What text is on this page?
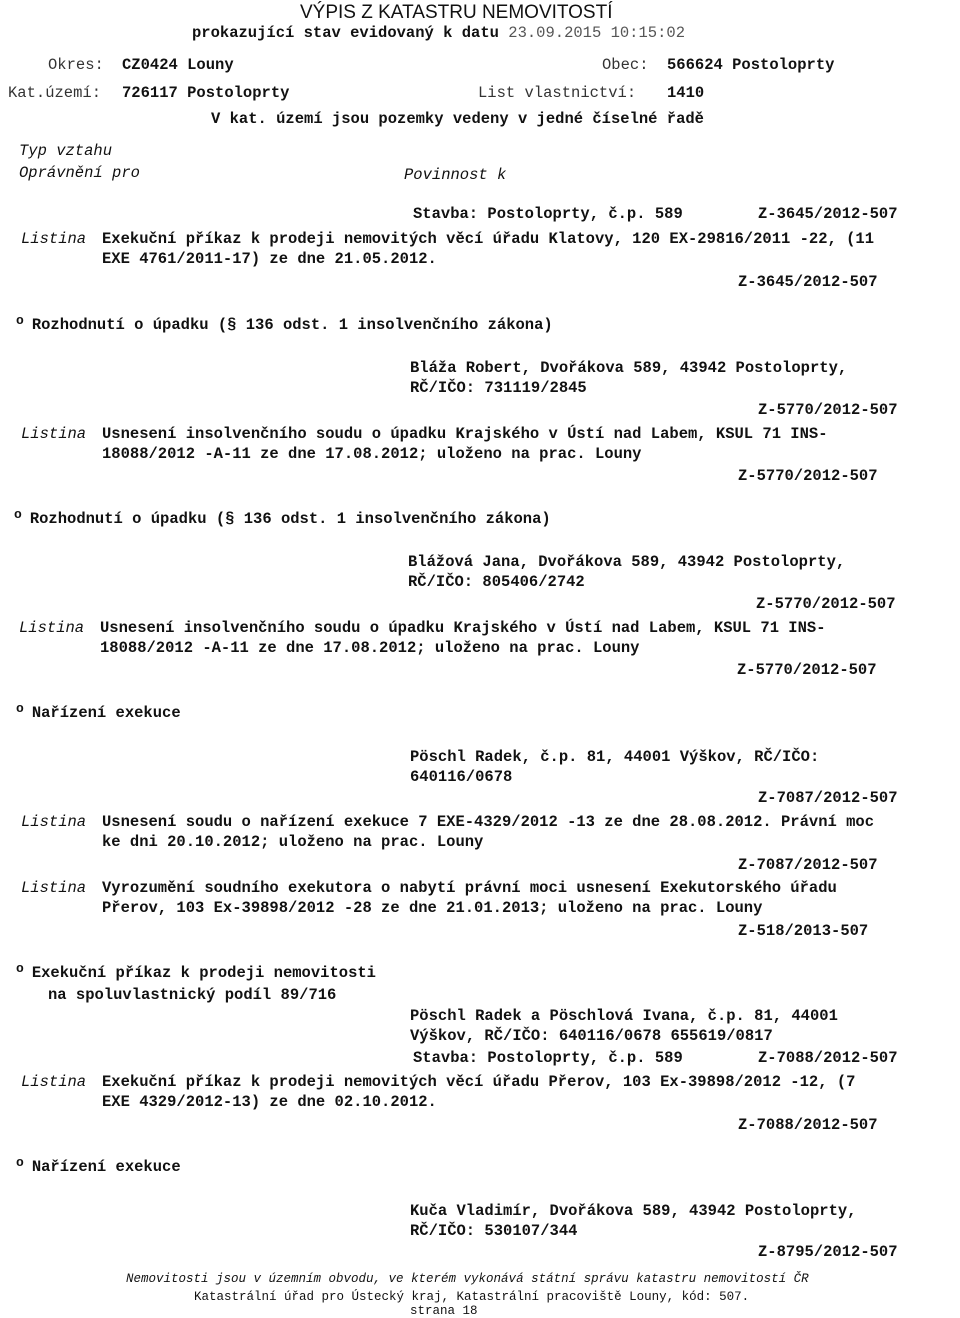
VÝPIS Z KATASTRU NEMOVITOSTÍ
prokazující stav evidovaný k datu 23.09.2015 10:15:02
Okres: CZ0424 Louny	Obec: 566624 Postoloprty
Kat.území: 726117 Postoloprty	List vlastnictví: 1410
V kat. území jsou pozemky vedeny v jedné číselné řadě
Typ vztahu
Oprávnění pro	Povinnost k
Stavba: Postoloprty, č.p. 589	Z-3645/2012-507
Listina Exekuční příkaz k prodeji nemovitých věcí úřadu Klatovy, 120 EX-29816/2011 -22, (11
EXE 4761/2011-17) ze dne 21.05.2012.
Z-3645/2012-507
$^o$ Rozhodnutí o úpadku (§ 136 odst. 1 insolvenčního zákona)
Bláža Robert, Dvořákova 589, 43942 Postoloprty,
RČ/IČO: 731119/2845
Z-5770/2012-507
Listina Usnesení insolvenčního soudu o úpadku Krajského v Ústí nad Labem, KSUL 71 INS-
18088/2012 -A-11 ze dne 17.08.2012; uloženo na prac. Louny
Z-5770/2012-507
$^o$ Rozhodnutí o úpadku (§ 136 odst. 1 insolvenčního zákona)
Blážová Jana, Dvořákova 589, 43942 Postoloprty,
RČ/IČO: 805406/2742
Z-5770/2012-507
Listina Usnesení insolvenčního soudu o úpadku Krajského v Ústí nad Labem, KSUL 71 INS-
18088/2012 -A-11 ze dne 17.08.2012; uloženo na prac. Louny
Z-5770/2012-507
$^o$ Nařízení exekuce
Pöschl Radek, č.p. 81, 44001 Výškov, RČ/IČO:
640116/0678
Z-7087/2012-507
Listina Usnesení soudu o nařízení exekuce 7 EXE-4329/2012 -13 ze dne 28.08.2012. Právní moc
ke dni 20.10.2012; uloženo na prac. Louny
Z-7087/2012-507
Listina Vyrozumění soudního exekutora o nabytí právní moci usnesení Exekutorského úřadu
Přerov, 103 Ex-39898/2012 -28 ze dne 21.01.2013; uloženo na prac. Louny
Z-518/2013-507
$^o$ Exekuční příkaz k prodeji nemovitosti
na spoluvlastnický podíl 89/716
Pöschl Radek a Pöschlová Ivana, č.p. 81, 44001
Výškov, RČ/IČO: 640116/0678 655619/0817
Stavba: Postoloprty, č.p. 589	Z-7088/2012-507
Listina Exekuční příkaz k prodeji nemovitých věcí úřadu Přerov, 103 Ex-39898/2012 -12, (7
EXE 4329/2012-13) ze dne 02.10.2012.
Z-7088/2012-507
$^o$ Nařízení exekuce
Kuča Vladimír, Dvořákova 589, 43942 Postoloprty,
RČ/IČO: 530107/344
Z-8795/2012-507
Nemovitosti jsou v územním obvodu, ve kterém vykonává státní správu katastru nemovitostí ČR
Katastrální úřad pro Ústecký kraj, Katastrální pracoviště Louny, kód: 507.
strana 18
